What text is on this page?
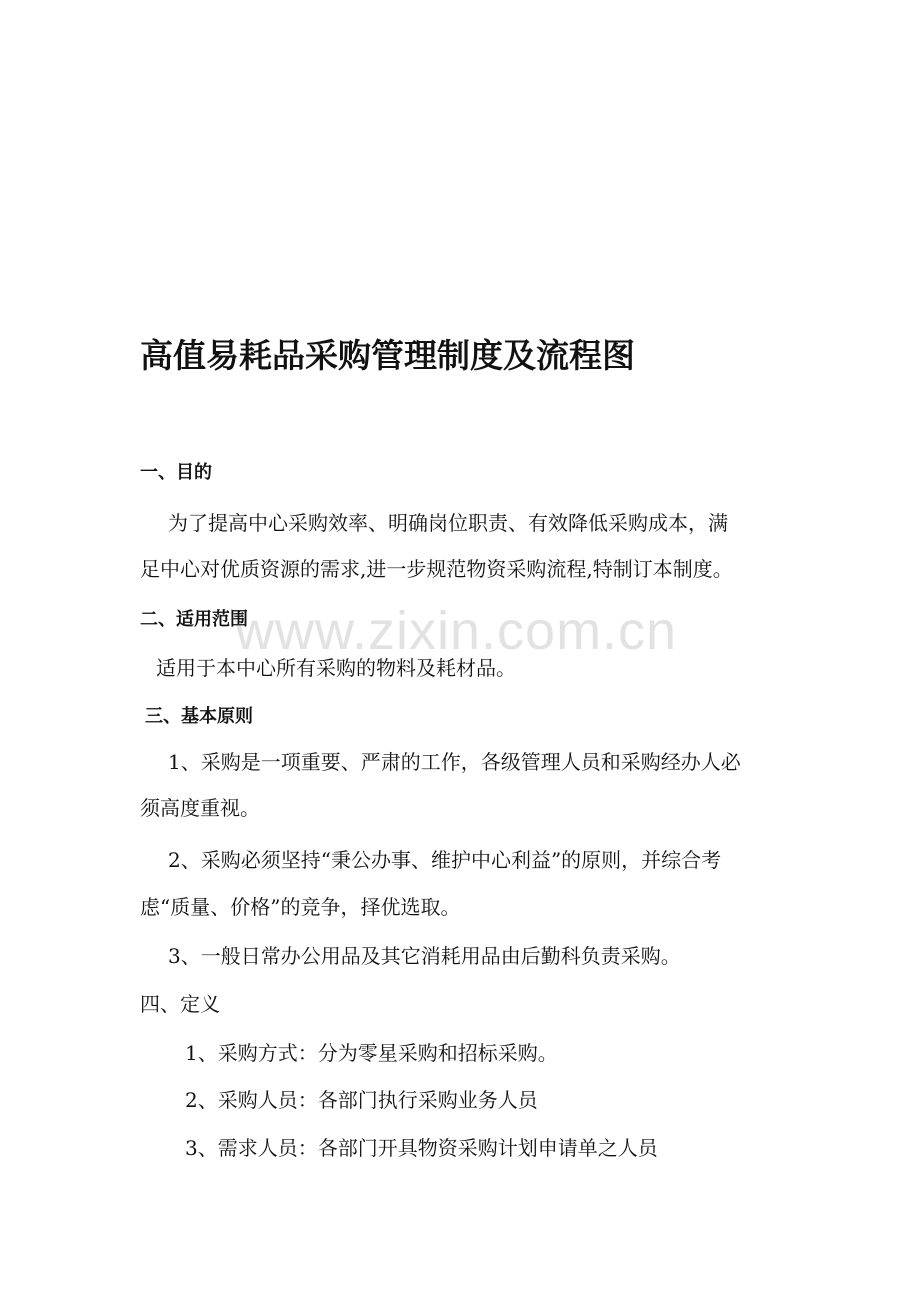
www.zixin.com.cn
高值易耗品采购管理制度及流程图
一、目的
为了提高中心采购效率、明确岗位职责、有效降低采购成本，满
足中心对优质资源的需求,进一步规范物资采购流程,特制订本制度。
二、适用范围
适用于本中心所有采购的物料及耗材品。
三、基本原则
1、采购是一项重要、严肃的工作，各级管理人员和采购经办人必
须高度重视。
2、采购必须坚持“秉公办事、维护中心利益”的原则，并综合考
虑“质量、价格”的竞争，择优选取。
3、一般日常办公用品及其它消耗用品由后勤科负责采购。
四、定义
1、采购方式：分为零星采购和招标采购。
2、采购人员：各部门执行采购业务人员
3、需求人员：各部门开具物资采购计划申请单之人员
